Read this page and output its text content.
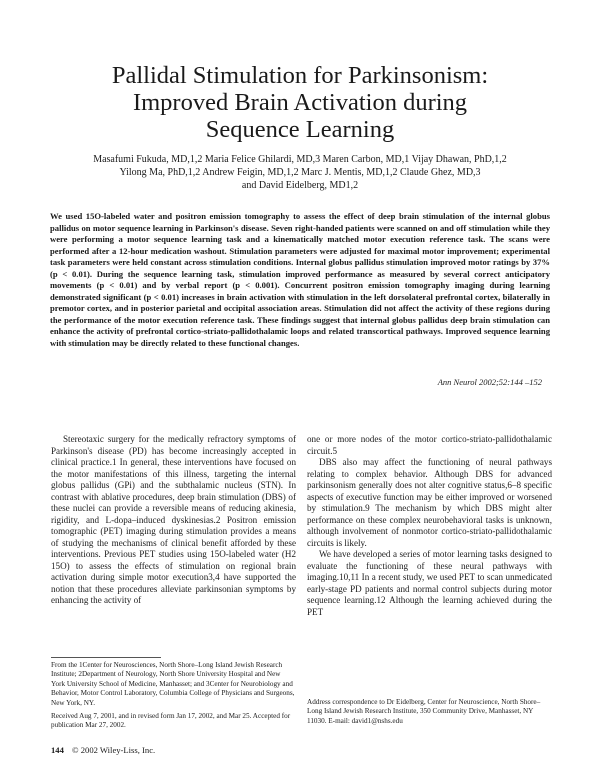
Pallidal Stimulation for Parkinsonism:
Improved Brain Activation during
Sequence Learning
Masafumi Fukuda, MD,1,2 Maria Felice Ghilardi, MD,3 Maren Carbon, MD,1 Vijay Dhawan, PhD,1,2
Yilong Ma, PhD,1,2 Andrew Feigin, MD,1,2 Marc J. Mentis, MD,1,2 Claude Ghez, MD,3
and David Eidelberg, MD1,2
We used 15O-labeled water and positron emission tomography to assess the effect of deep brain stimulation of the internal globus pallidus on motor sequence learning in Parkinson's disease. Seven right-handed patients were scanned on and off stimulation while they were performing a motor sequence learning task and a kinematically matched motor execution reference task. The scans were performed after a 12-hour medication washout. Stimulation parameters were adjusted for maximal motor improvement; experimental task parameters were held constant across stimulation conditions. Internal globus pallidus stimulation improved motor ratings by 37% (p < 0.01). During the sequence learning task, stimulation improved performance as measured by several correct anticipatory movements (p < 0.01) and by verbal report (p < 0.001). Concurrent positron emission tomography imaging during learning demonstrated significant (p < 0.01) increases in brain activation with stimulation in the left dorsolateral prefrontal cortex, bilaterally in premotor cortex, and in posterior parietal and occipital association areas. Stimulation did not affect the activity of these regions during the performance of the motor execution reference task. These findings suggest that internal globus pallidus deep brain stimulation can enhance the activity of prefrontal cortico-striato-pallidothalamic loops and related transcortical pathways. Improved sequence learning with stimulation may be directly related to these functional changes.
Ann Neurol 2002;52:144 –152

Stereotaxic surgery for the medically refractory symptoms of Parkinson's disease (PD) has become increasingly accepted in clinical practice.1 In general, these interventions have focused on the motor manifestations of this illness, targeting the internal globus pallidus (GPi) and the subthalamic nucleus (STN). In contrast with ablative procedures, deep brain stimulation (DBS) of these nuclei can provide a reversible means of reducing akinesia, rigidity, and L-dopa–induced dyskinesias.2 Positron emission tomographic (PET) imaging during stimulation provides a means of studying the mechanisms of clinical benefit afforded by these interventions. Previous PET studies using 15O-labeled water (H2 15O) to assess the effects of stimulation on regional brain activation during simple motor execution3,4 have supported the notion that these procedures alleviate parkinsonian symptoms by enhancing the activity of

one or more nodes of the motor cortico-striato-pallidothalamic circuit.5

DBS also may affect the functioning of neural pathways relating to complex behavior. Although DBS for advanced parkinsonism generally does not alter cognitive status,6–8 specific aspects of executive function may be either improved or worsened by stimulation.9 The mechanism by which DBS might alter performance on these complex neurobehavioral tasks is unknown, although involvement of nonmotor cortico-striato-pallidothalamic circuits is likely.

We have developed a series of motor learning tasks designed to evaluate the functioning of these neural pathways with imaging.10,11 In a recent study, we used PET to scan unmedicated early-stage PD patients and normal control subjects during motor sequence learning.12 Although the learning achieved during the PET

From the 1Center for Neurosciences, North Shore–Long Island Jewish Research Institute; 2Department of Neurology, North Shore University Hospital and New York University School of Medicine, Manhasset; and 3Center for Neurobiology and Behavior, Motor Control Laboratory, Columbia College of Physicians and Surgeons, New York, NY.

Received Aug 7, 2001, and in revised form Jan 17, 2002, and Mar 25. Accepted for publication Mar 27, 2002.

Address correspondence to Dr Eidelberg, Center for Neuroscience, North Shore–Long Island Jewish Research Institute, 350 Community Drive, Manhasset, NY 11030. E-mail: david1@nshs.edu

144 © 2002 Wiley-Liss, Inc.
